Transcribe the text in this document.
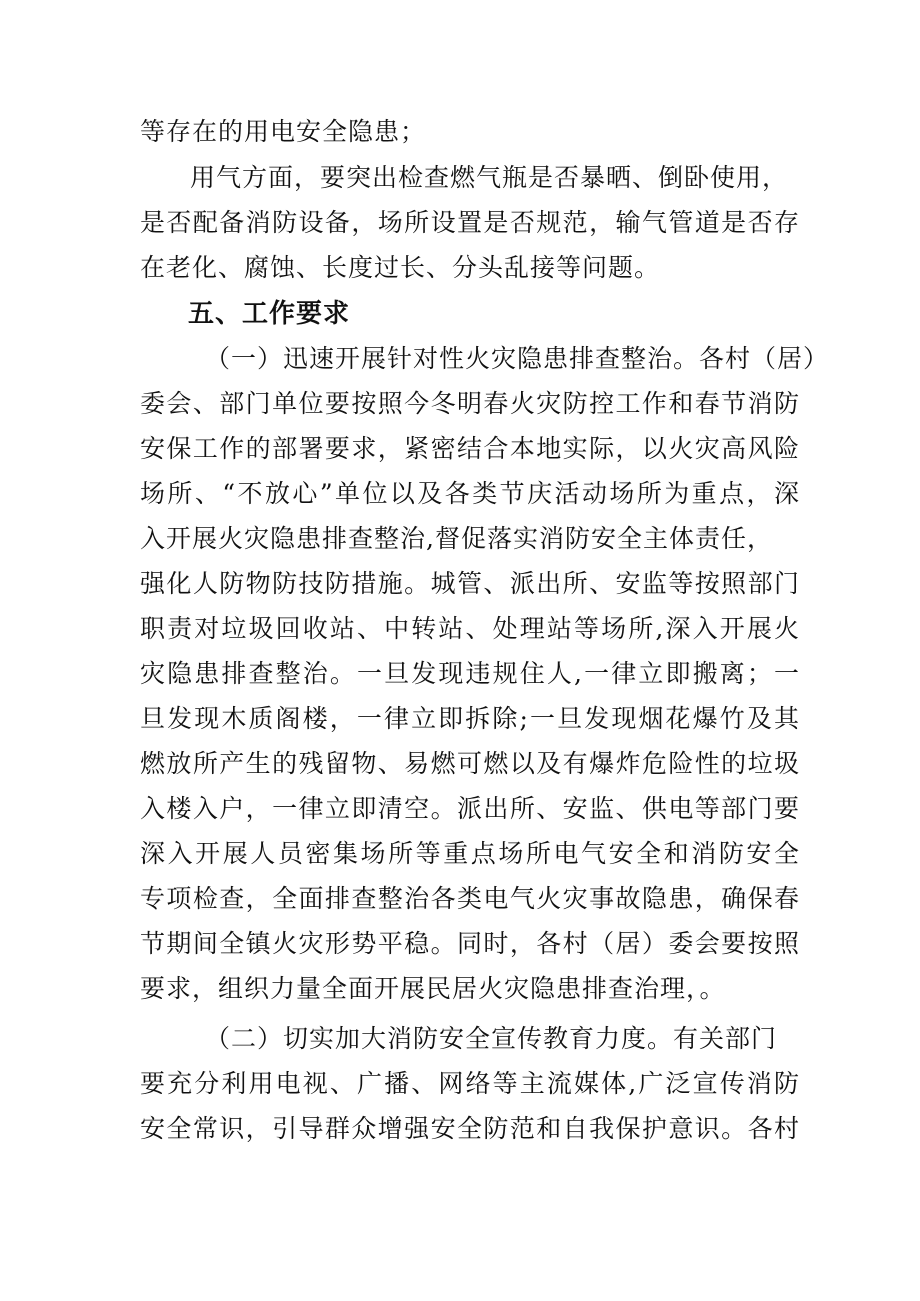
等存在的用电安全隐患；
用气方面，要突出检查燃气瓶是否暴晒、倒卧使用，
是否配备消防设备，场所设置是否规范，输气管道是否存
在老化、腐蚀、长度过长、分头乱接等问题。
五、工作要求
（一）迅速开展针对性火灾隐患排查整治。各村（居）
委会、部门单位要按照今冬明春火灾防控工作和春节消防
安保工作的部署要求，紧密结合本地实际，以火灾高风险
场所、“不放心”单位以及各类节庆活动场所为重点，深
入开展火灾隐患排查整治,督促落实消防安全主体责任，
强化人防物防技防措施。城管、派出所、安监等按照部门
职责对垃圾回收站、中转站、处理站等场所,深入开展火
灾隐患排查整治。一旦发现违规住人,一律立即搬离；一
旦发现木质阁楼，一律立即拆除;一旦发现烟花爆竹及其
燃放所产生的残留物、易燃可燃以及有爆炸危险性的垃圾
入楼入户，一律立即清空。派出所、安监、供电等部门要
深入开展人员密集场所等重点场所电气安全和消防安全
专项检查，全面排查整治各类电气火灾事故隐患，确保春
节期间全镇火灾形势平稳。同时，各村（居）委会要按照
要求，组织力量全面开展民居火灾隐患排查治理，。
（二）切实加大消防安全宣传教育力度。有关部门
要充分利用电视、广播、网络等主流媒体,广泛宣传消防
安全常识，引导群众增强安全防范和自我保护意识。各村
